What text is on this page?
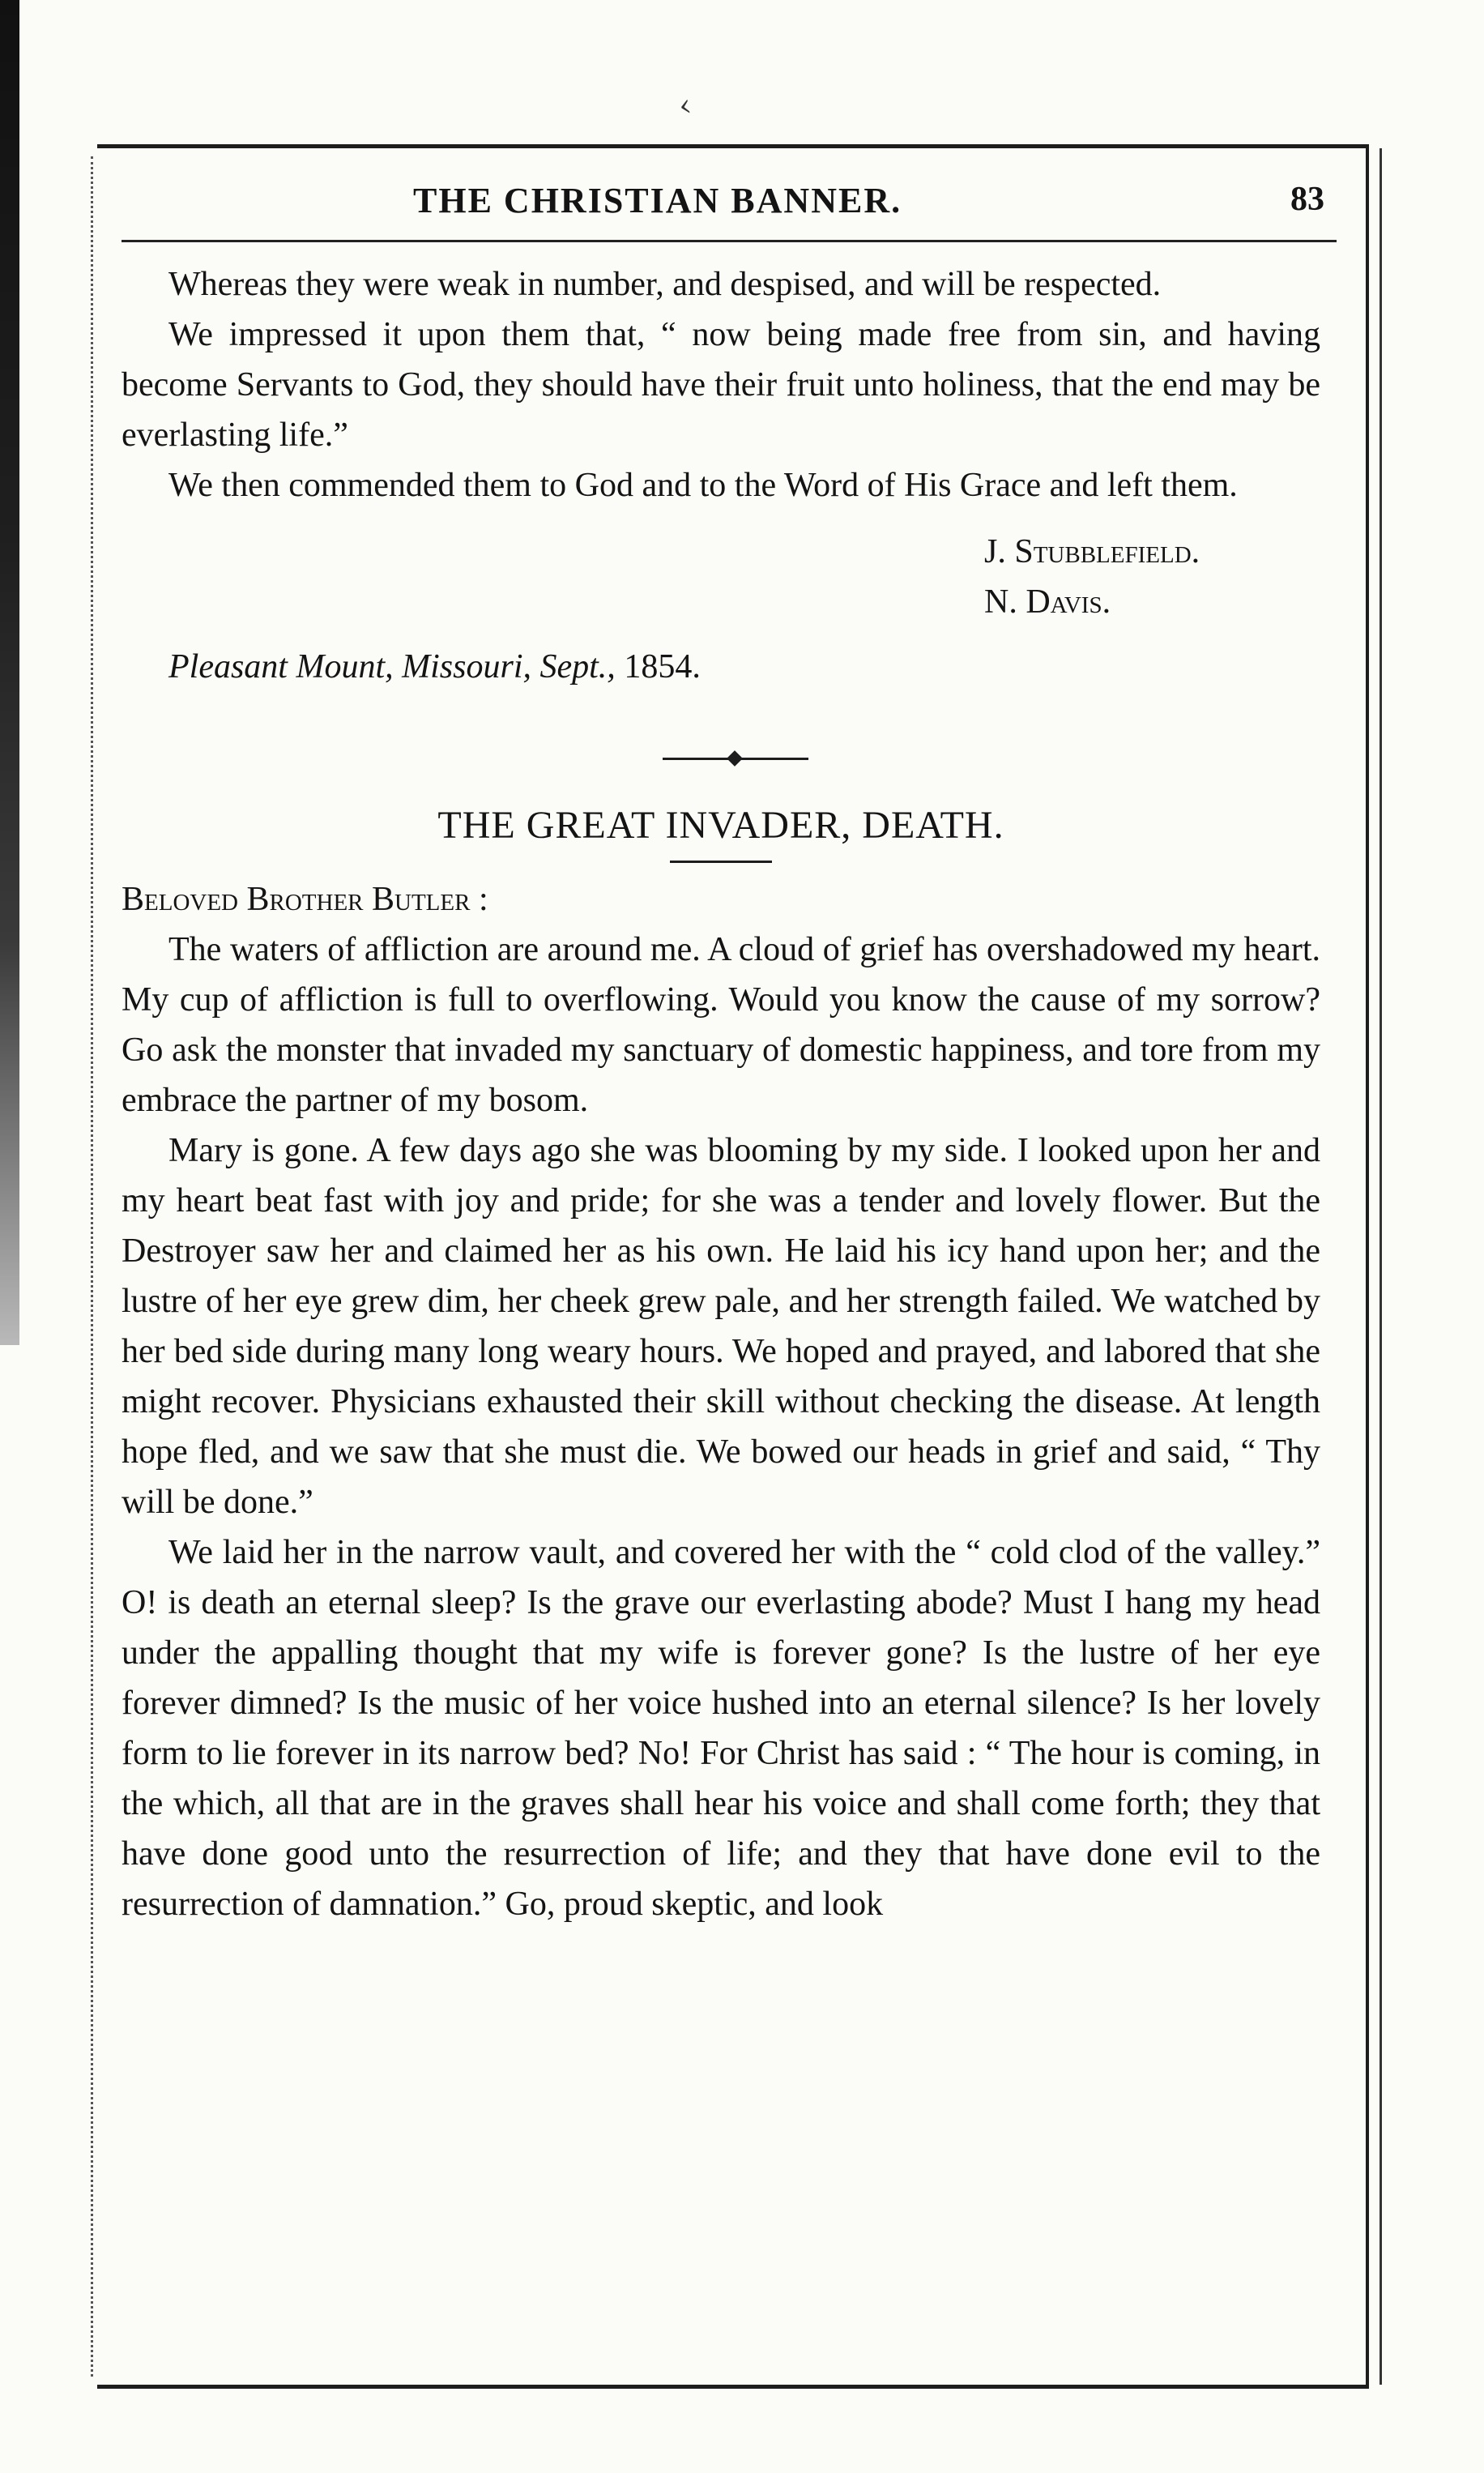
‹
THE CHRISTIAN BANNER.	83

Whereas they were weak in number, and despised, and will be respected.

We impressed it upon them that, “ now being made free from sin, and having become Servants to God, they should have their fruit unto holiness, that the end may be everlasting life.”

We then commended them to God and to the Word of His Grace and left them.

J. Stubblefield.
N. Davis.
Pleasant Mount, Missouri, Sept., 1854.
THE GREAT INVADER, DEATH.
Beloved Brother Butler :

The waters of affliction are around me. A cloud of grief has overshadowed my heart. My cup of affliction is full to overflowing. Would you know the cause of my sorrow? Go ask the monster that invaded my sanctuary of domestic happiness, and tore from my embrace the partner of my bosom.

Mary is gone. A few days ago she was blooming by my side. I looked upon her and my heart beat fast with joy and pride; for she was a tender and lovely flower. But the Destroyer saw her and claimed her as his own. He laid his icy hand upon her; and the lustre of her eye grew dim, her cheek grew pale, and her strength failed. We watched by her bed side during many long weary hours. We hoped and prayed, and labored that she might recover. Physicians exhausted their skill without checking the disease. At length hope fled, and we saw that she must die. We bowed our heads in grief and said, “ Thy will be done.”

We laid her in the narrow vault, and covered her with the “ cold clod of the valley.” O! is death an eternal sleep? Is the grave our everlasting abode? Must I hang my head under the appalling thought that my wife is forever gone? Is the lustre of her eye forever dimned? Is the music of her voice hushed into an eternal silence? Is her lovely form to lie forever in its narrow bed? No! For Christ has said : “ The hour is coming, in the which, all that are in the graves shall hear his voice and shall come forth; they that have done good unto the resurrection of life; and they that have done evil to the resurrection of damnation.” Go, proud skeptic, and look
